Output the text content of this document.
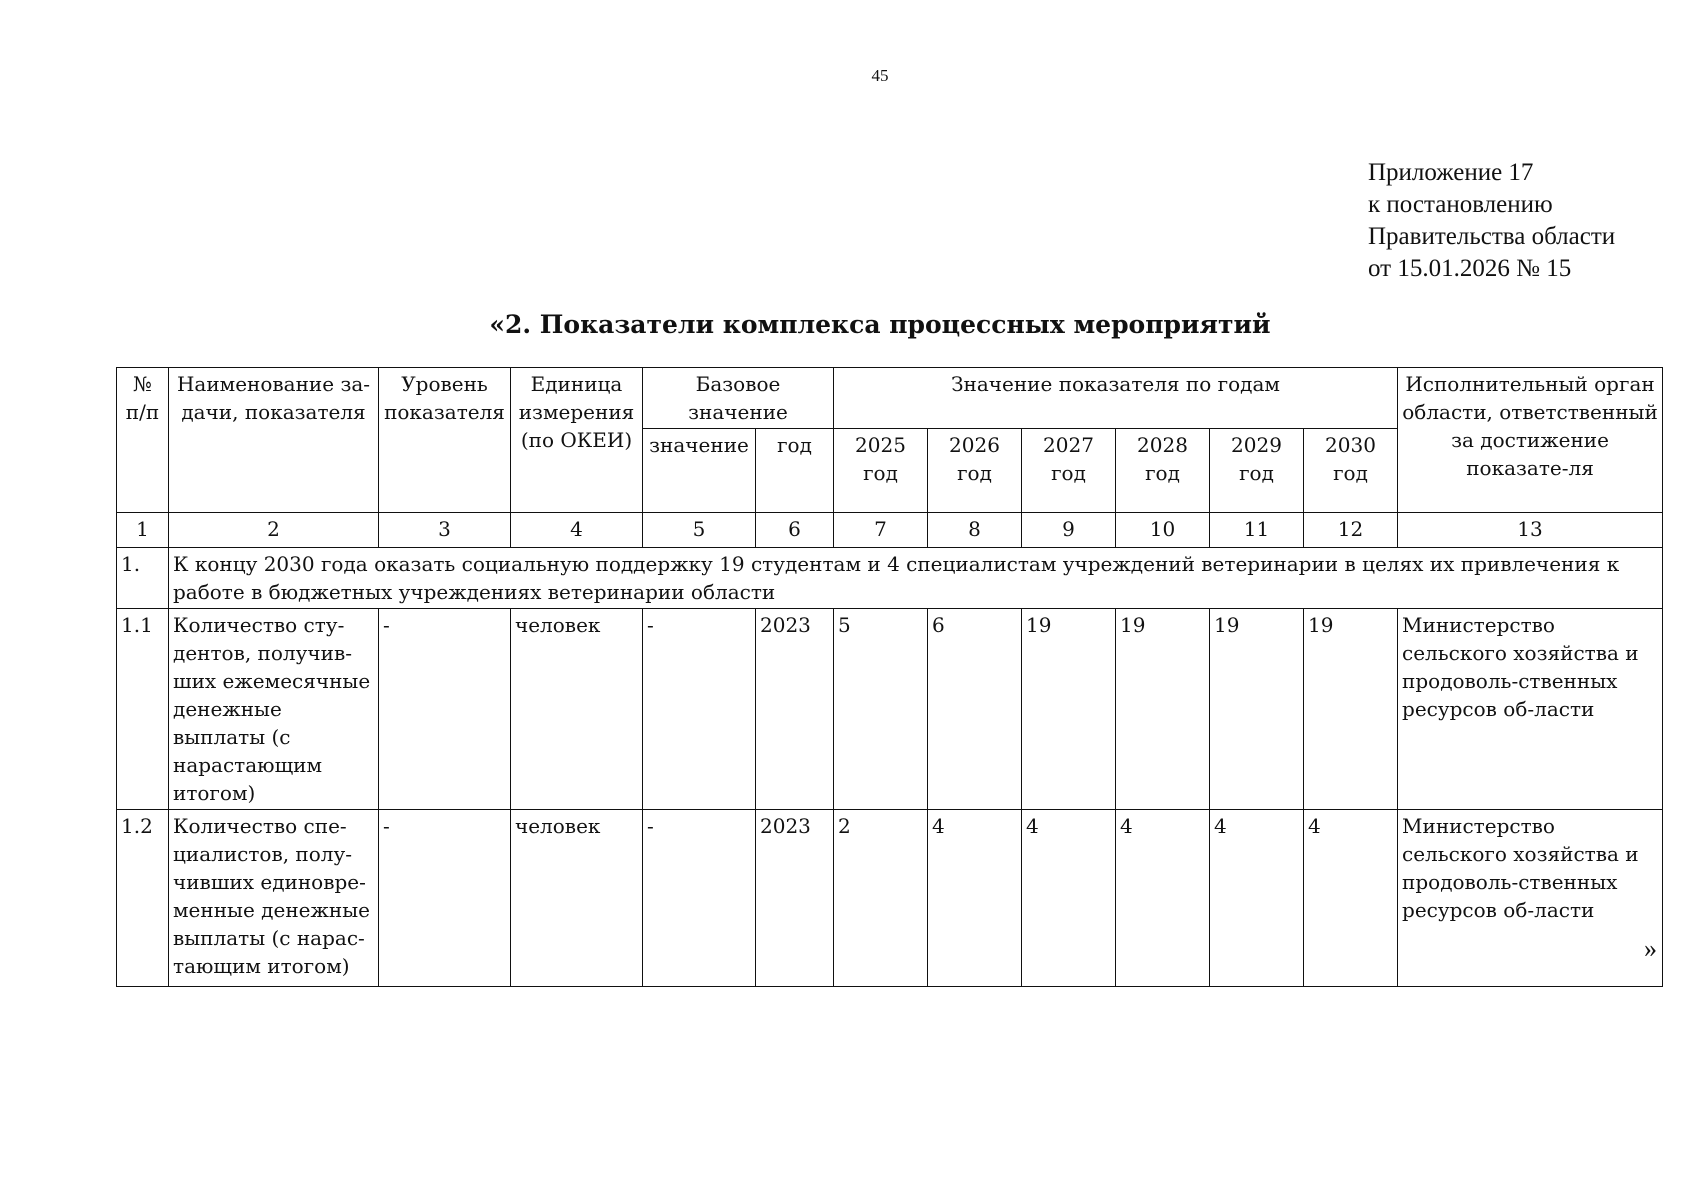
45
Приложение 17
к постановлению
Правительства области
от 15.01.2026 № 15
«2. Показатели комплекса процессных мероприятий
№ п/п	Наименование за-дачи, показателя	Уровень показателя	Единица измерения (по ОКЕИ)	Базовое значение		Значение показателя по годам						Исполнительный орган области, ответственный за достижение показате-ля
				значение	год	2025 год	2026 год	2027 год	2028 год	2029 год	2030 год	
1	2	3	4	5	6	7	8	9	10	11	12	13
1.	К концу 2030 года оказать социальную поддержку 19 студентам и 4 специалистам учреждений ветеринарии в целях их привлечения к работе в бюджетных учреждениях ветеринарии области											
1.1	Количество сту-дентов, получив-ших ежемесячные денежные выплаты (с нарастающим итогом)	-	человек	-	2023	5	6	19	19	19	19	Министерство сельского хозяйства и продоволь-ственных ресурсов об-ласти
1.2	Количество спе-циалистов, полу-чивших единовре-менные денежные выплаты (с нарас-тающим итогом)	-	человек	-	2023	2	4	4	4	4	4	Министерство сельского хозяйства и продоволь-ственных ресурсов об-ласти
»
